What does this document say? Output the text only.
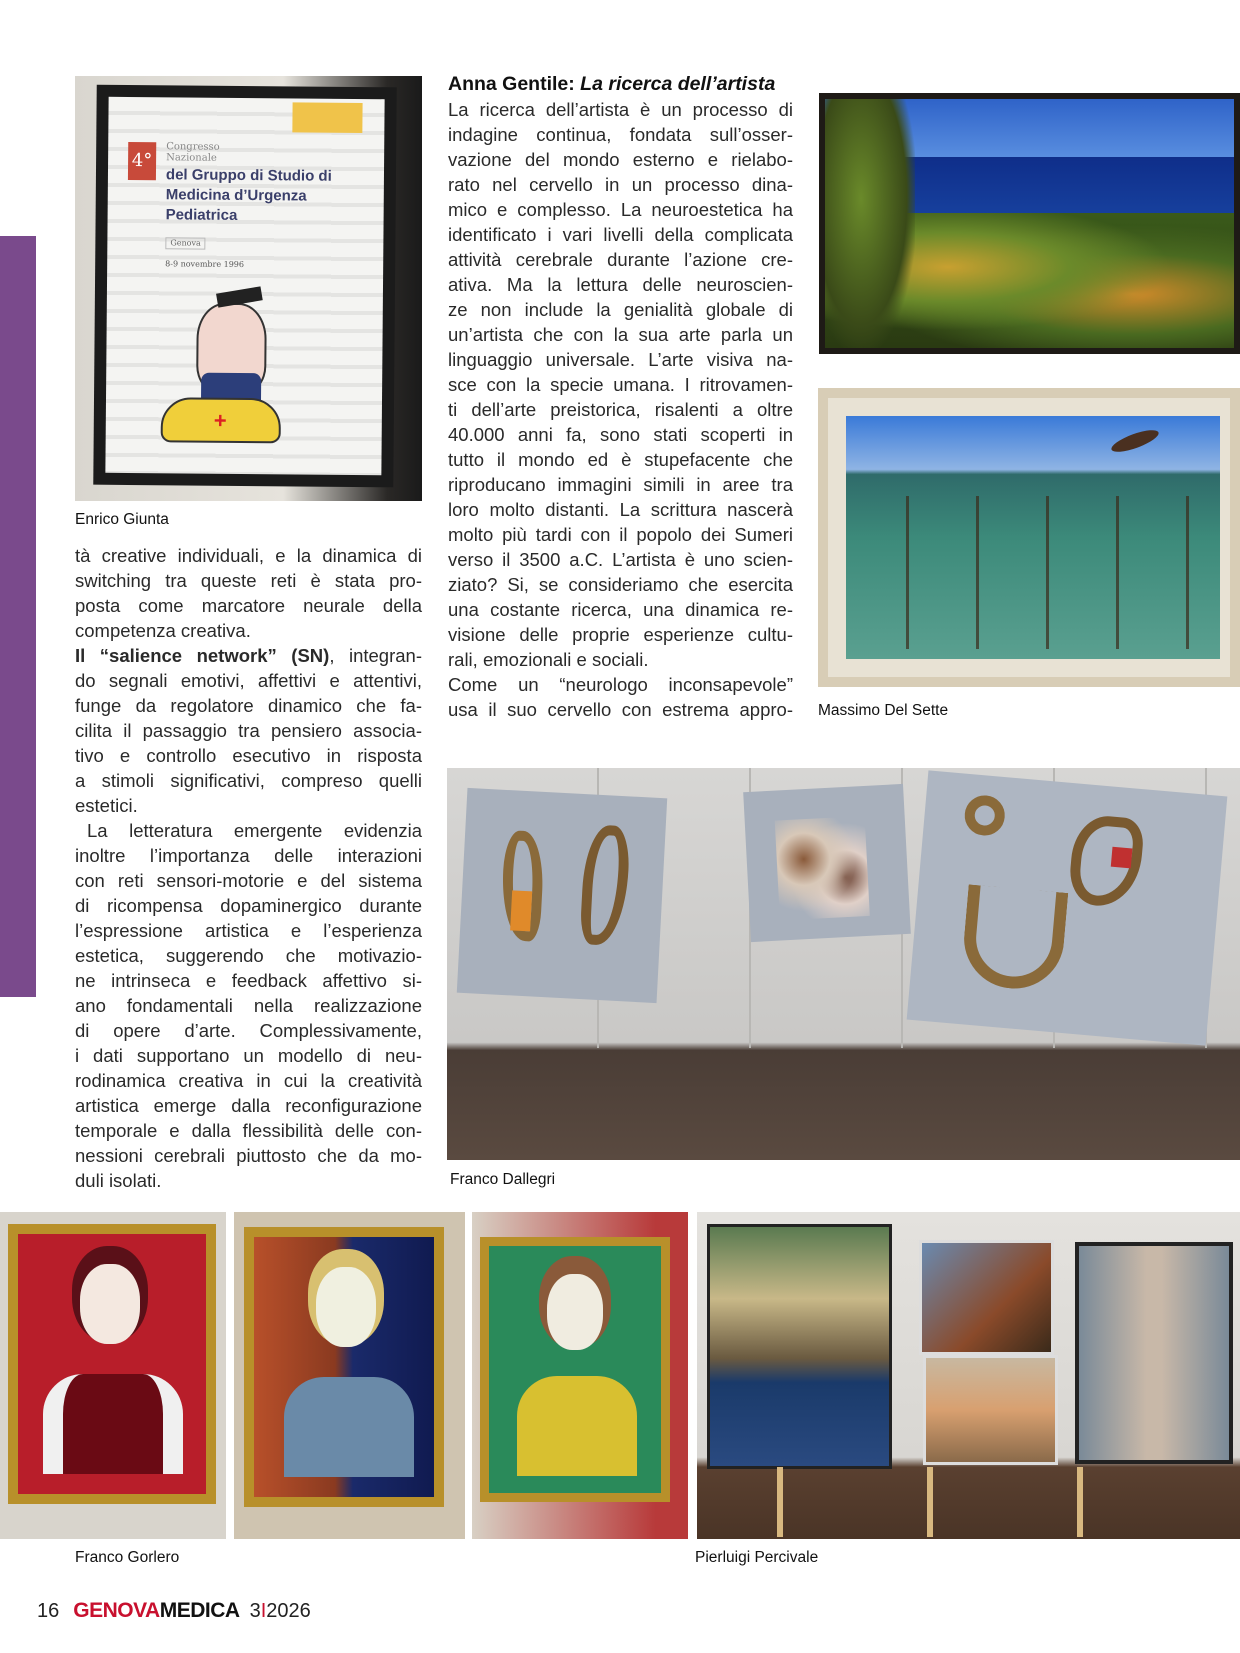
4°
Congresso
Nazionale
del Gruppo di Studio di
Medicina d’Urgenza
Pediatrica
Genova
8-9 novembre 1996
+
Enrico Giunta
tà creative individuali, e la dinamica di
switching tra queste reti è stata pro-
posta come marcatore neurale della
competenza creativa.
Il “salience network” (SN), integran-
do segnali emotivi, affettivi e attentivi,
funge da regolatore dinamico che fa-
cilita il passaggio tra pensiero associa-
tivo e controllo esecutivo in risposta
a stimoli significativi, compreso quelli
estetici.
La letteratura emergente evidenzia
inoltre l’importanza delle interazioni
con reti sensori-motorie e del sistema
di ricompensa dopaminergico durante
l’espressione artistica e l’esperienza
estetica, suggerendo che motivazio-
ne intrinseca e feedback affettivo si-
ano fondamentali nella realizzazione
di opere d’arte. Complessivamente,
i dati supportano un modello di neu-
rodinamica creativa in cui la creatività
artistica emerge dalla reconfigurazione
temporale e dalla flessibilità delle con-
nessioni cerebrali piuttosto che da mo-
duli isolati.
Anna Gentile: La ricerca dell’artista
La ricerca dell’artista è un processo di
indagine continua, fondata sull’osser-
vazione del mondo esterno e rielabo-
rato nel cervello in un processo dina-
mico e complesso. La neuroestetica ha
identificato i vari livelli della complicata
attività cerebrale durante l’azione cre-
ativa. Ma la lettura delle neuroscien-
ze non include la genialità globale di
un’artista che con la sua arte parla un
linguaggio universale. L’arte visiva na-
sce con la specie umana. I ritrovamen-
ti dell’arte preistorica, risalenti a oltre
40.000 anni fa, sono stati scoperti in
tutto il mondo ed è stupefacente che
riproducano immagini simili in aree tra
loro molto distanti. La scrittura nascerà
molto più tardi con il popolo dei Sumeri
verso il 3500 a.C. L’artista è uno scien-
ziato? Si, se consideriamo che esercita
una costante ricerca, una dinamica re-
visione delle proprie esperienze cultu-
rali, emozionali e sociali.
Come un “neurologo inconsapevole”
usa il suo cervello con estrema appro- Massimo Del Sette
Franco Dallegri
Franco Gorlero	Pierluigi Percivale
16 GENOVAMEDICA 3I2026
